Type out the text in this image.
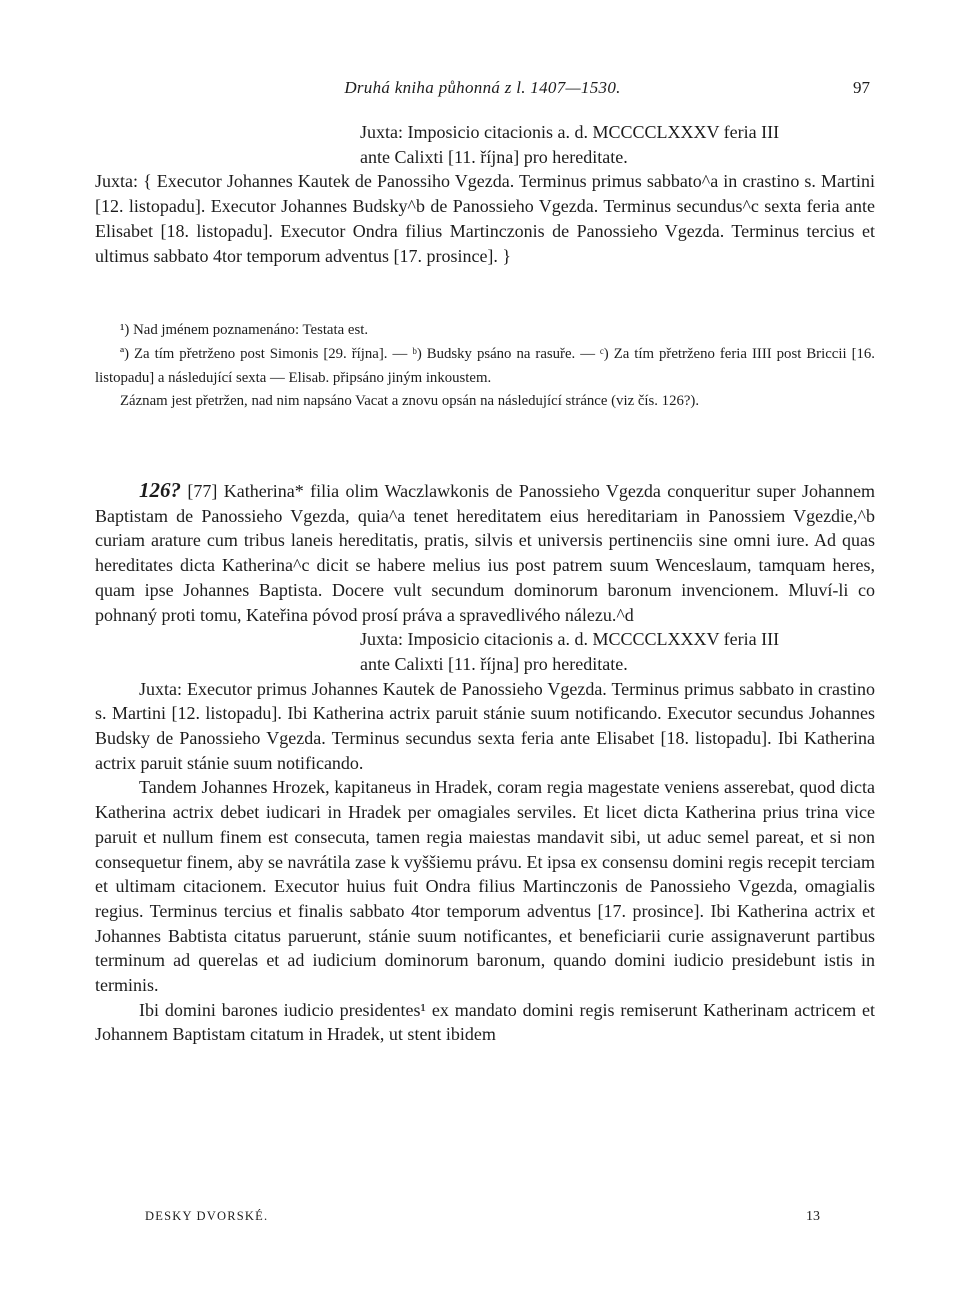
Druhá kniha půhonná z l. 1407—1530.	97
Juxta: Imposicio citacionis a. d. MCCCCLXXXV feria III
ante Calixti [11. října] pro hereditate.
Juxta: { Executor Johannes Kautek de Panossiho Vgezda. Terminus primus sabbato^a in crastino s. Martini [12. listopadu]. Executor Johannes Budsky^b de Panossieho Vgezda. Terminus secundus^c sexta feria ante Elisabet [18. listopadu]. Executor Ondra filius Martinczonis de Panossieho Vgezda. Terminus tercius et ultimus sabbato 4tor temporum adventus [17. prosince]. }

¹) Nad jménem poznamenáno: Testata est.

ª) Za tím přetrženo post Simonis [29. října]. — ᵇ) Budsky psáno na rasuře. — ᶜ) Za tím přetrženo feria IIII post Briccii [16. listopadu] a následující sexta — Elisab. připsáno jiným inkoustem.

Záznam jest přetržen, nad nim napsáno Vacat a znovu opsán na následující stránce (viz čís. 126?).

126? [77] Katherina* filia olim Waczlawkonis de Panossieho Vgezda conqueritur super Johannem Baptistam de Panossieho Vgezda, quia^a tenet hereditatem eius hereditariam in Panossiem Vgezdie,^b curiam arature cum tribus laneis hereditatis, pratis, silvis et universis pertinenciis sine omni iure. Ad quas hereditates dicta Katherina^c dicit se habere melius ius post patrem suum Wenceslaum, tamquam heres, quam ipse Johannes Baptista. Docere vult secundum dominorum baronum invencionem. Mluví-li co pohnaný proti tomu, Kateřina póvod prosí práva a spravedlivého nálezu.^d

Juxta: Imposicio citacionis a. d. MCCCCLXXXV feria III
ante Calixti [11. října] pro hereditate.

Juxta: Executor primus Johannes Kautek de Panossieho Vgezda. Terminus primus sabbato in crastino s. Martini [12. listopadu]. Ibi Katherina actrix paruit stánie suum notificando. Executor secundus Johannes Budsky de Panossieho Vgezda. Terminus secundus sexta feria ante Elisabet [18. listopadu]. Ibi Katherina actrix paruit stánie suum notificando.

Tandem Johannes Hrozek, kapitaneus in Hradek, coram regia magestate veniens asserebat, quod dicta Katherina actrix debet iudicari in Hradek per omagiales serviles. Et licet dicta Katherina prius trina vice paruit et nullum finem est consecuta, tamen regia maiestas mandavit sibi, ut aduc semel pareat, et si non consequetur finem, aby se navrátila zase k vyššiemu právu. Et ipsa ex consensu domini regis recepit terciam et ultimam citacionem. Executor huius fuit Ondra filius Martinczonis de Panossieho Vgezda, omagialis regius. Terminus tercius et finalis sabbato 4tor temporum adventus [17. prosince]. Ibi Katherina actrix et Johannes Babtista citatus paruerunt, stánie suum notificantes, et beneficiarii curie assignaverunt partibus terminum ad querelas et ad iudicium dominorum baronum, quando domini iudicio presidebunt istis in terminis.

Ibi domini barones iudicio presidentes¹ ex mandato domini regis remiserunt Katherinam actricem et Johannem Baptistam citatum in Hradek, ut stent ibidem

DESKY DVORSKÉ.	13
